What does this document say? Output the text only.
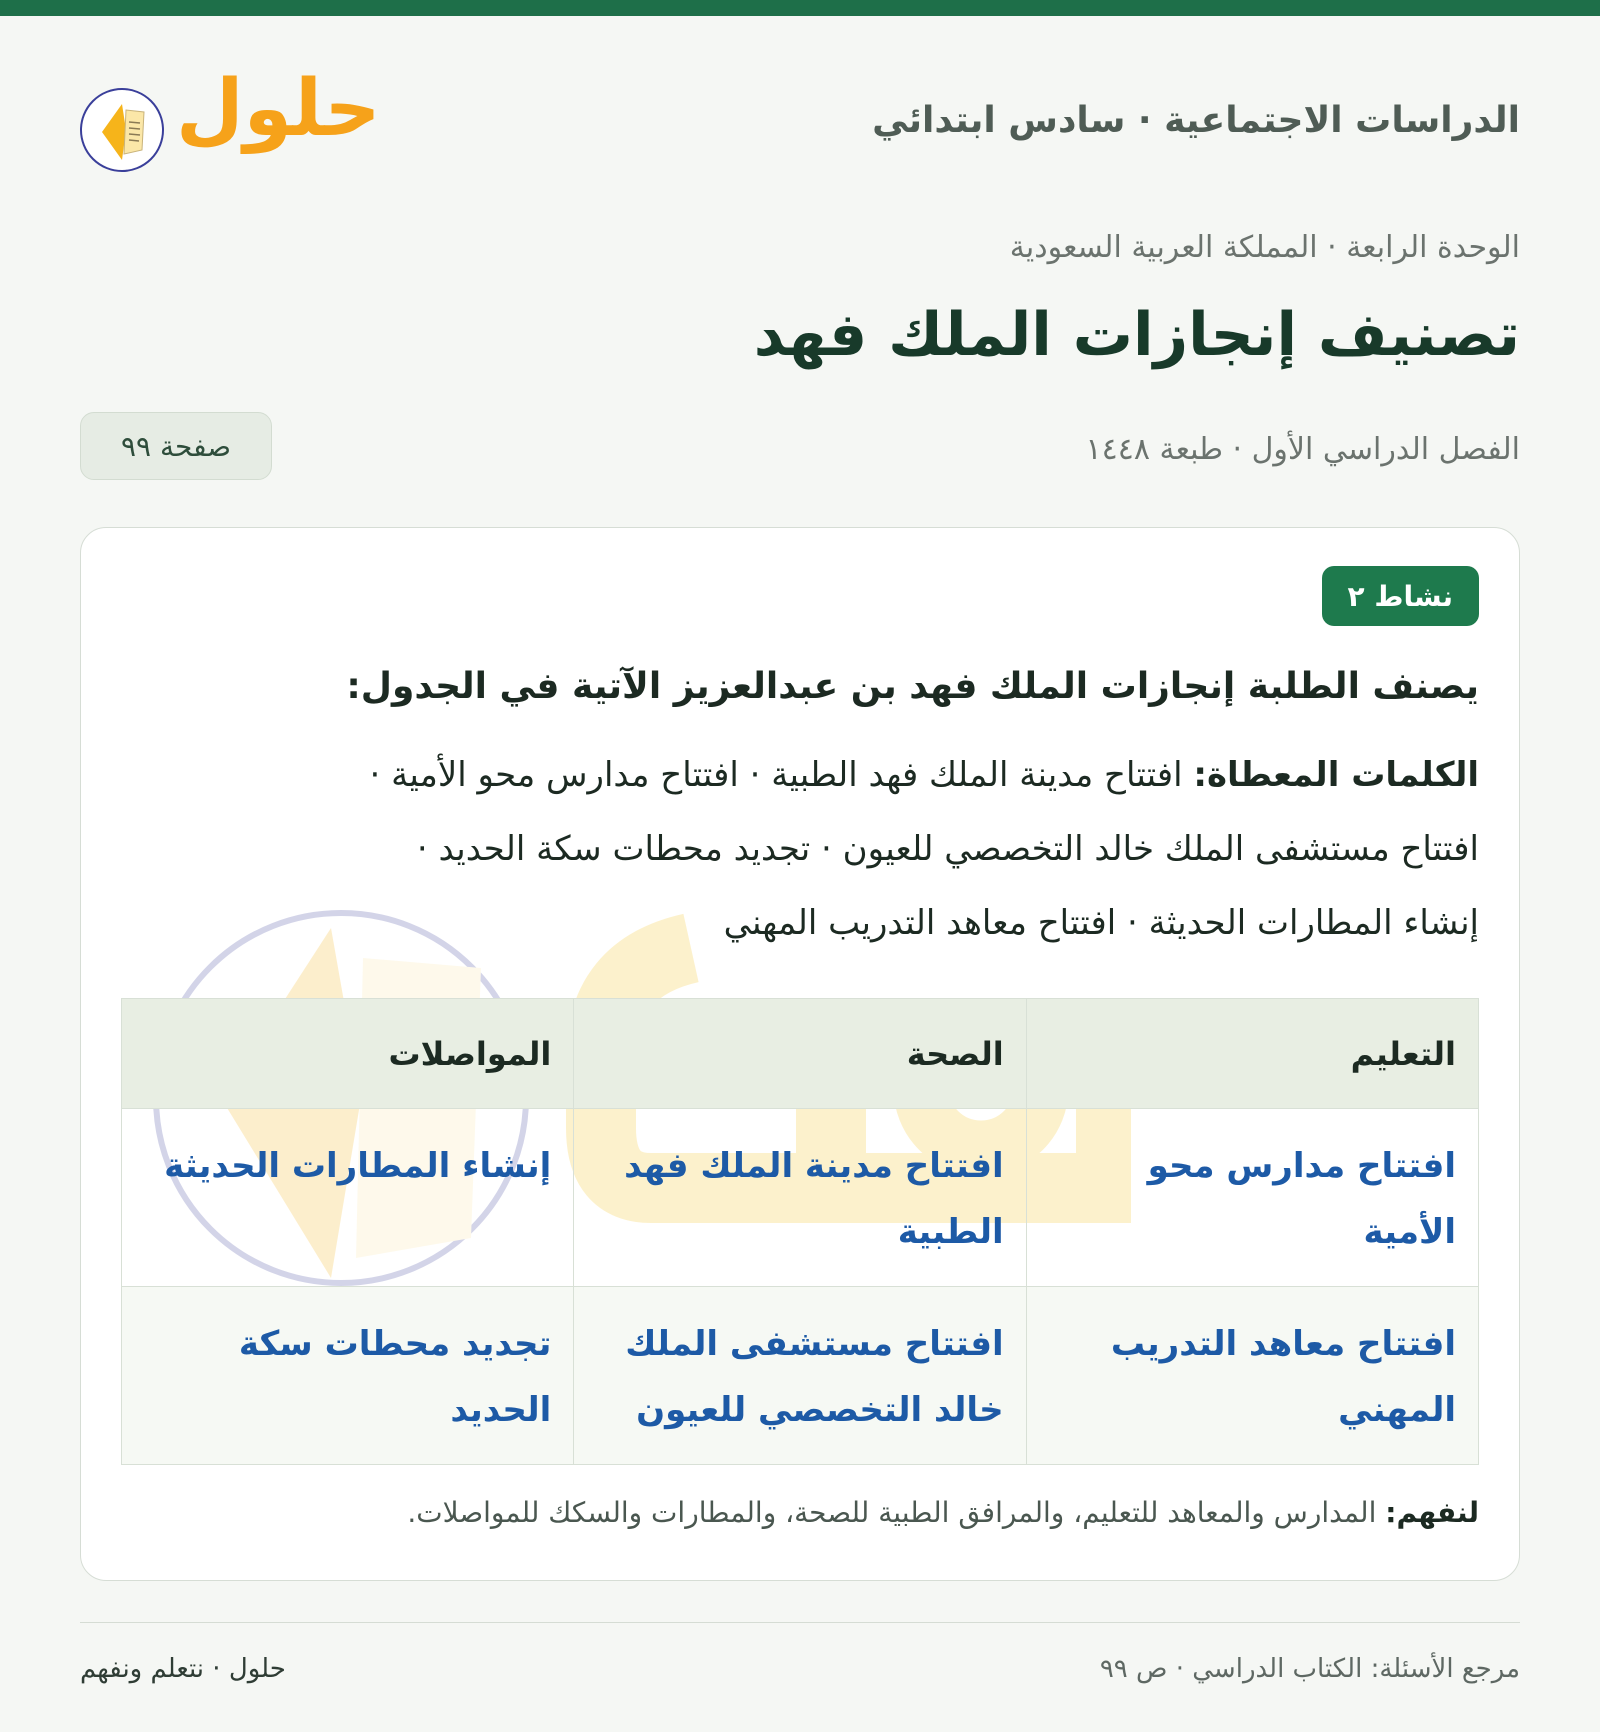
الدراسات الاجتماعية · سادس ابتدائي
حلول
الوحدة الرابعة · المملكة العربية السعودية
تصنيف إنجازات الملك فهد
الفصل الدراسي الأول · طبعة ١٤٤٨
صفحة ٩٩
نشاط ٢

يصنف الطلبة إنجازات الملك فهد بن عبدالعزيز الآتية في الجدول:

الكلمات المعطاة: افتتاح مدينة الملك فهد الطبية · افتتاح مدارس محو الأمية ·
افتتاح مستشفى الملك خالد التخصصي للعيون · تجديد محطات سكة الحديد ·
إنشاء المطارات الحديثة · افتتاح معاهد التدريب المهني
التعليم	الصحة	المواصلات
افتتاح مدارس محو الأمية	افتتاح مدينة الملك فهد الطبية	إنشاء المطارات الحديثة
افتتاح معاهد التدريب المهني	افتتاح مستشفى الملك خالد التخصصي للعيون	تجديد محطات سكة الحديد
لنفهم: المدارس والمعاهد للتعليم، والمرافق الطبية للصحة، والمطارات والسكك للمواصلات.
مرجع الأسئلة: الكتاب الدراسي · ص ٩٩
حلول · نتعلم ونفهم
